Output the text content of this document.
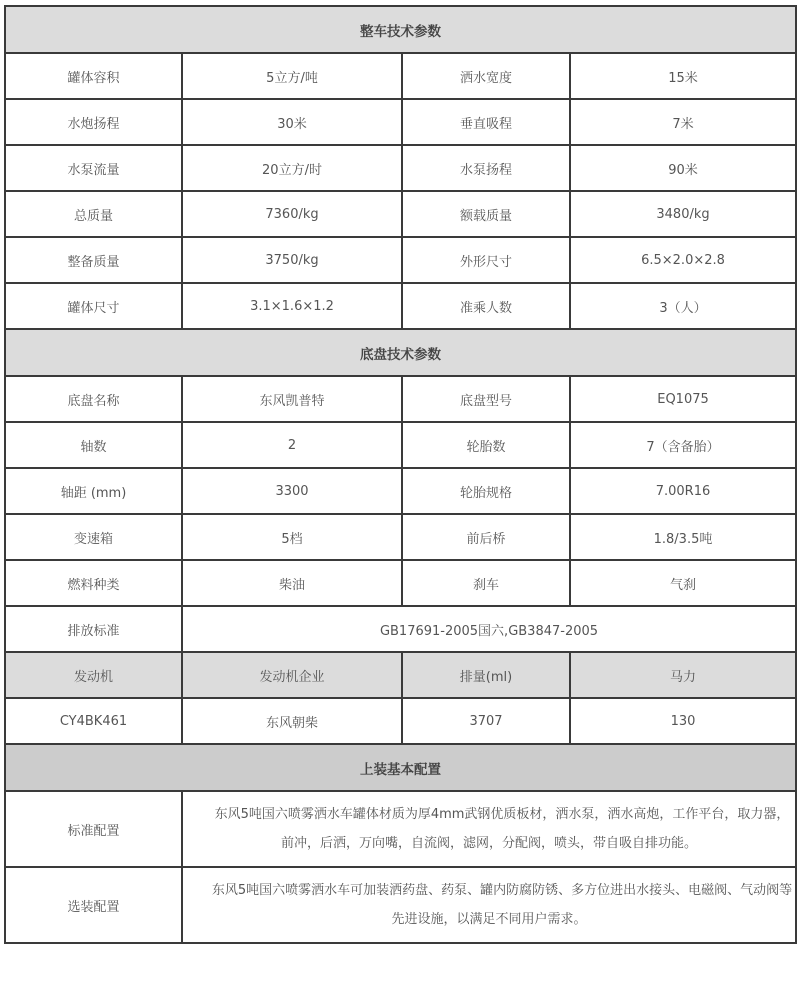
整车技术参数			
罐体容积	5立方/吨	洒水宽度	15米
水炮扬程	30米	垂直吸程	7米
水泵流量	20立方/时	水泵扬程	90米
总质量	7360/kg	额载质量	3480/kg
整备质量	3750/kg	外形尺寸	6.5×2.0×2.8
罐体尺寸	3.1×1.6×1.2	准乘人数	3（人）
底盘技术参数			
底盘名称	东风凯普特	底盘型号	EQ1075
轴数	2	轮胎数	7（含备胎）
轴距 (mm)	3300	轮胎规格	7.00R16
变速箱	5档	前后桥	1.8/3.5吨
燃料种类	柴油	刹车	气刹
排放标准	GB17691-2005国六,GB3847-2005		
发动机	发动机企业	排量(ml)	马力
CY4BK461	东风朝柴	3707	130
上装基本配置			
标准配置	东风5吨国六喷雾洒水车罐体材质为厚4mm武钢优质板材，洒水泵，洒水高炮，工作平台，取力器，前冲，后洒，万向嘴，自流阀，滤网，分配阀，喷头，带自吸自排功能。		
选装配置	东风5吨国六喷雾洒水车可加装洒药盘、药泵、罐内防腐防锈、多方位进出水接头、电磁阀、气动阀等先进设施，以满足不同用户需求。		
